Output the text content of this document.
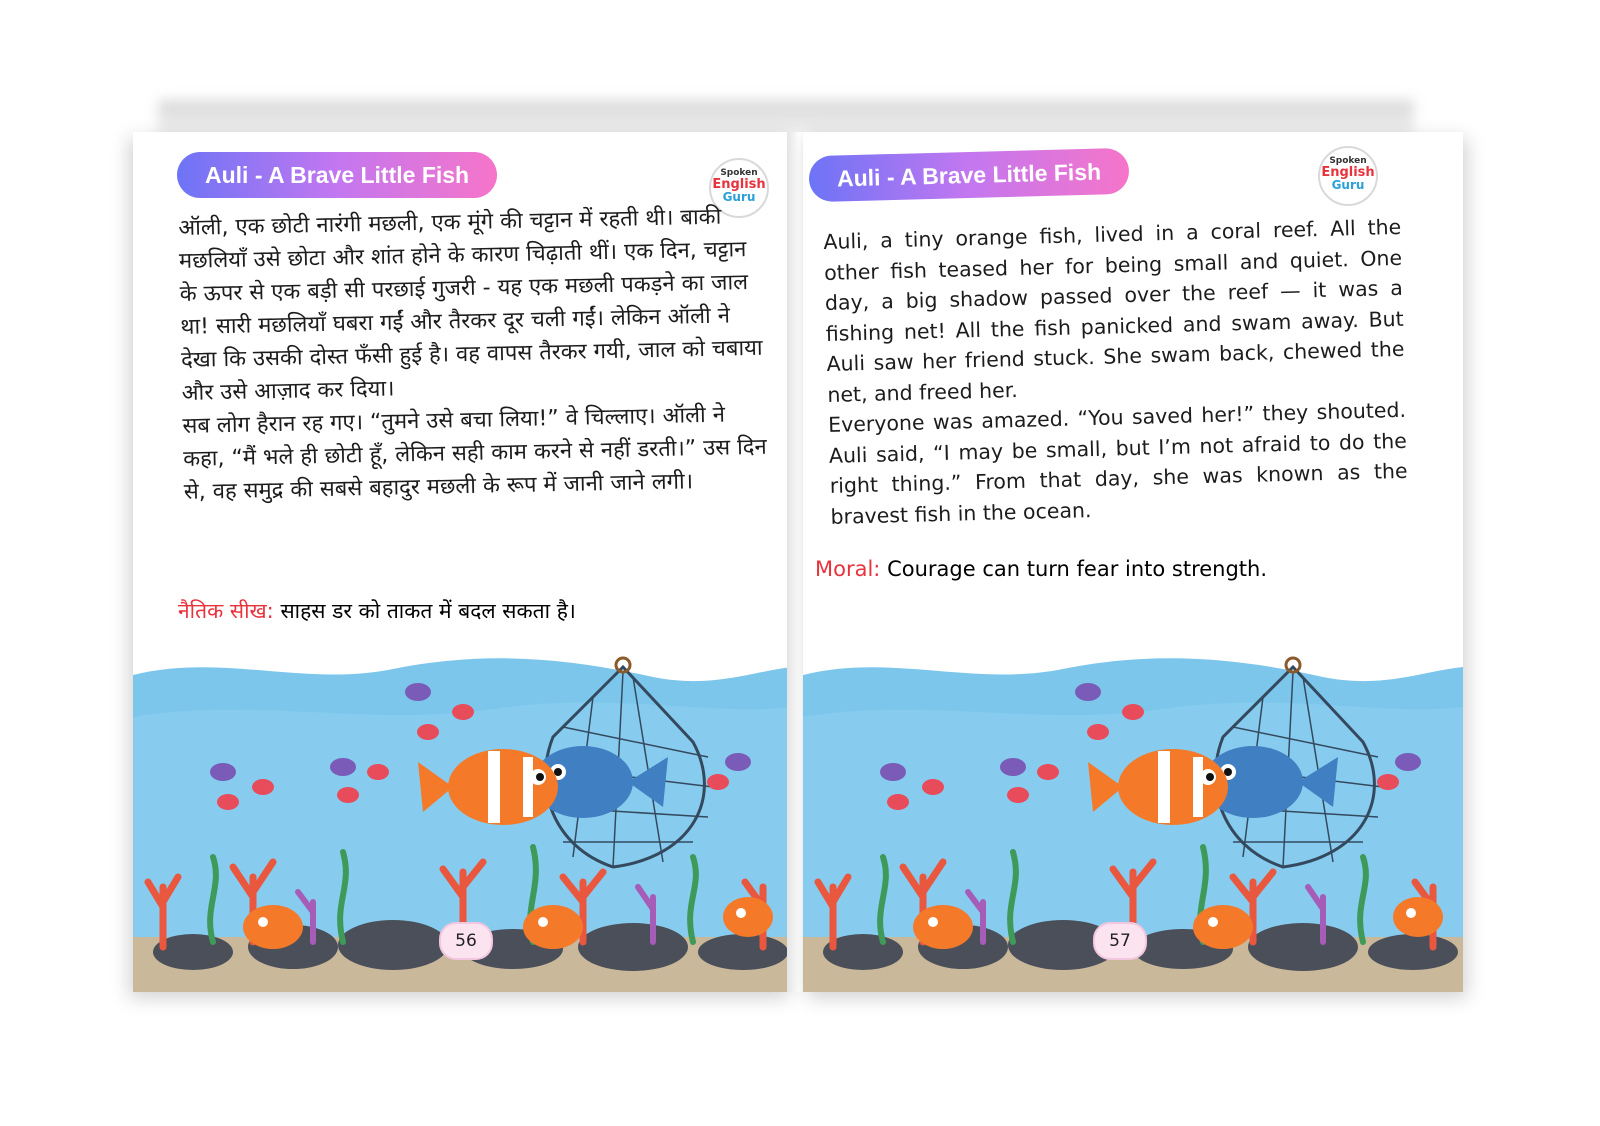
Auli - A Brave Little Fish	Spoken
English
Guru

ऑली, एक छोटी नारंगी मछली, एक मूंगे की चट्टान में रहती थी। बाकी मछलियाँ उसे छोटा और शांत होने के कारण चिढ़ाती थीं। एक दिन, चट्टान के ऊपर से एक बड़ी सी परछाई गुजरी - यह एक मछली पकड़ने का जाल था! सारी मछलियाँ घबरा गईं और तैरकर दूर चली गईं। लेकिन ऑली ने देखा कि उसकी दोस्त फँसी हुई है। वह वापस तैरकर गयी, जाल को चबाया और उसे आज़ाद कर दिया।

सब लोग हैरान रह गए। “तुमने उसे बचा लिया!” वे चिल्लाए। ऑली ने कहा, “मैं भले ही छोटी हूँ, लेकिन सही काम करने से नहीं डरती।” उस दिन से, वह समुद्र की सबसे बहादुर मछली के रूप में जानी जाने लगी।

नैतिक सीख: साहस डर को ताकत में बदल सकता है।
56
Auli - A Brave Little Fish	Spoken
English
Guru

Auli, a tiny orange fish, lived in a coral reef. All the other fish teased her for being small and quiet. One day, a big shadow passed over the reef — it was a fishing net! All the fish panicked and swam away. But Auli saw her friend stuck. She swam back, chewed the net, and freed her.

Everyone was amazed. “You saved her!” they shouted. Auli said, “I may be small, but I’m not afraid to do the right thing.” From that day, she was known as the bravest fish in the ocean.

Moral: Courage can turn fear into strength.
57
